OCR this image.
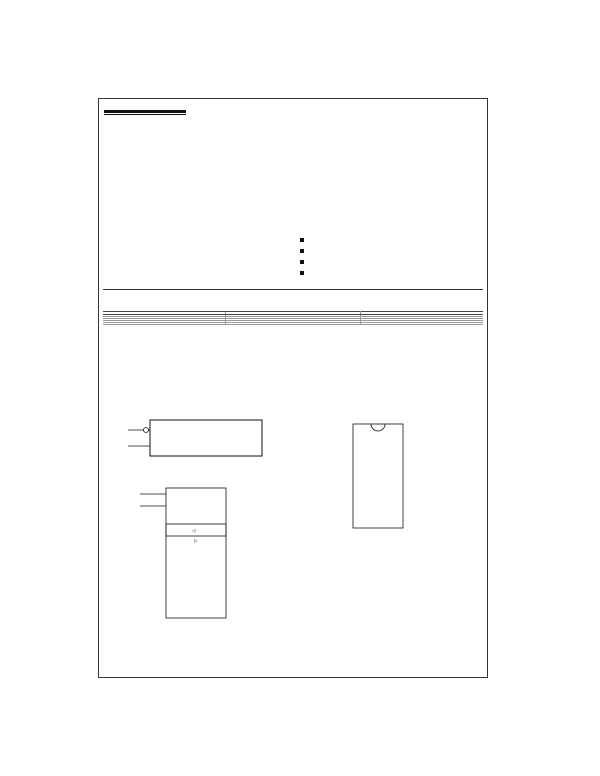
◁
▷
